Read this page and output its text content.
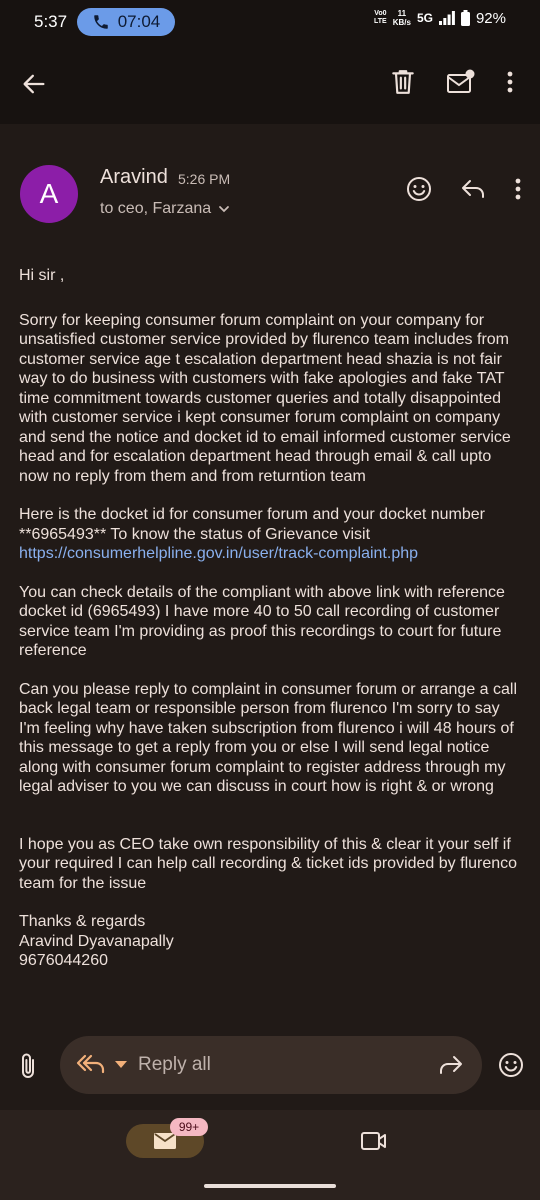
5:37	07:04	Vo0
LTE
11
KB/s 5G	92%
A
Aravind 5:26 PM
to ceo, Farzana

Hi sir ,

Sorry for keeping consumer forum complaint on your company for unsatisfied customer service provided by flurenco team includes from customer service age t escalation department head shazia is not fair way to do business with customers with fake apologies and fake TAT time commitment towards customer queries and totally disappointed with customer service i kept consumer forum complaint on company and send the notice and docket id to email informed customer service head and for escalation department head through email & call upto now no reply from them and from returntion team

Here is the docket id for consumer forum and your docket number **6965493** To know the status of Grievance visit
https://consumerhelpline.gov.in/user/track-complaint.php

You can check details of the compliant with above link with reference docket id (6965493) I have more 40 to 50 call recording of customer service team I'm providing as proof this recordings to court for future reference

Can you please reply to complaint in consumer forum or arrange a call back legal team or responsible person from flurenco I'm sorry to say I'm feeling why have taken subscription from flurenco i will 48 hours of this message to get a reply from you or else I will send legal notice along with consumer forum complaint to register address through my legal adviser to you we can discuss in court how is right & or wrong

I hope you as CEO take own responsibility of this & clear it your self if your required I can help call recording & ticket ids provided by flurenco team for the issue

Thanks & regards
Aravind Dyavanapally
9676044260

Reply all
99+
